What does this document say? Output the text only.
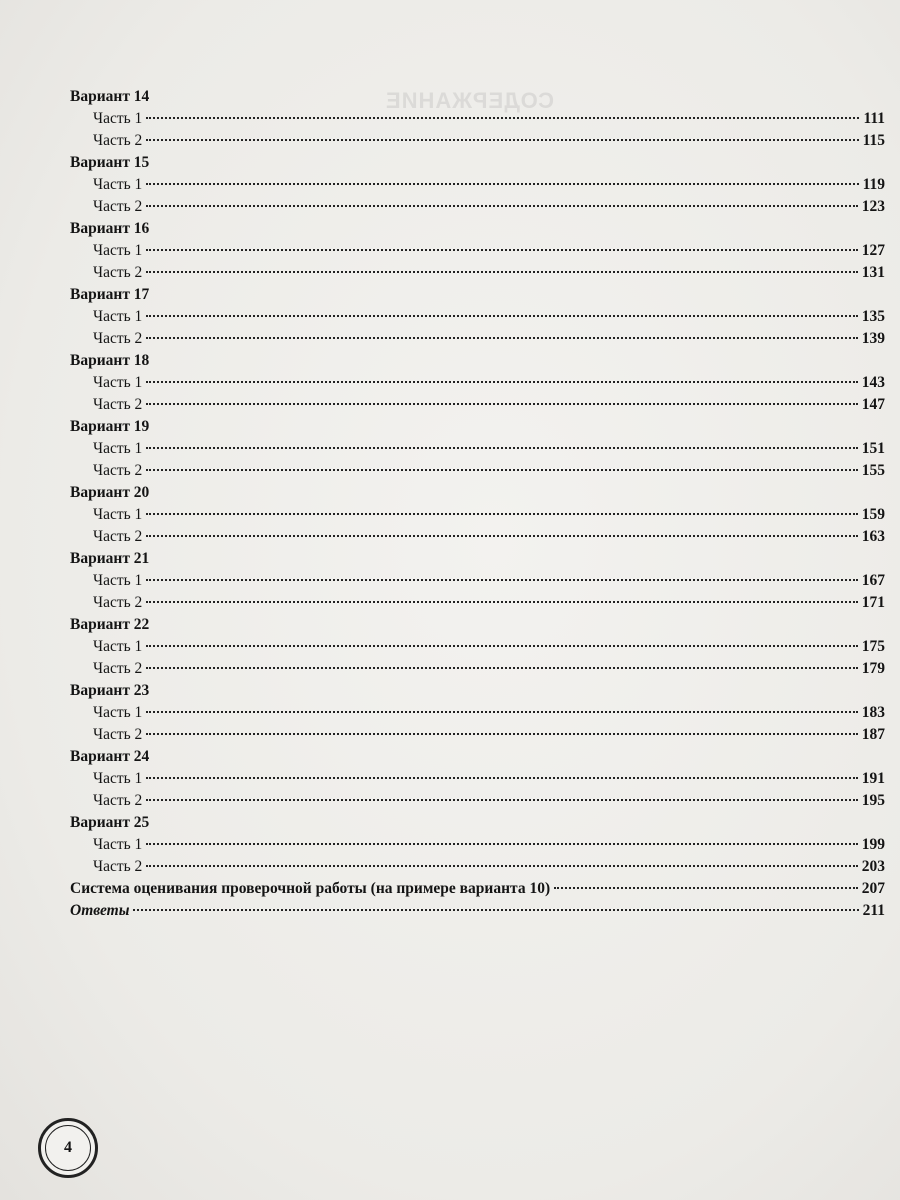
СОДЕРЖАНИЕ
Вариант 14
Часть 1	111
Часть 2	115
Вариант 15
Часть 1	119
Часть 2	123
Вариант 16
Часть 1	127
Часть 2	131
Вариант 17
Часть 1	135
Часть 2	139
Вариант 18
Часть 1	143
Часть 2	147
Вариант 19
Часть 1	151
Часть 2	155
Вариант 20
Часть 1	159
Часть 2	163
Вариант 21
Часть 1	167
Часть 2	171
Вариант 22
Часть 1	175
Часть 2	179
Вариант 23
Часть 1	183
Часть 2	187
Вариант 24
Часть 1	191
Часть 2	195
Вариант 25
Часть 1	199
Часть 2	203
Система оценивания проверочной работы (на примере варианта 10)	207
Ответы	211
4
